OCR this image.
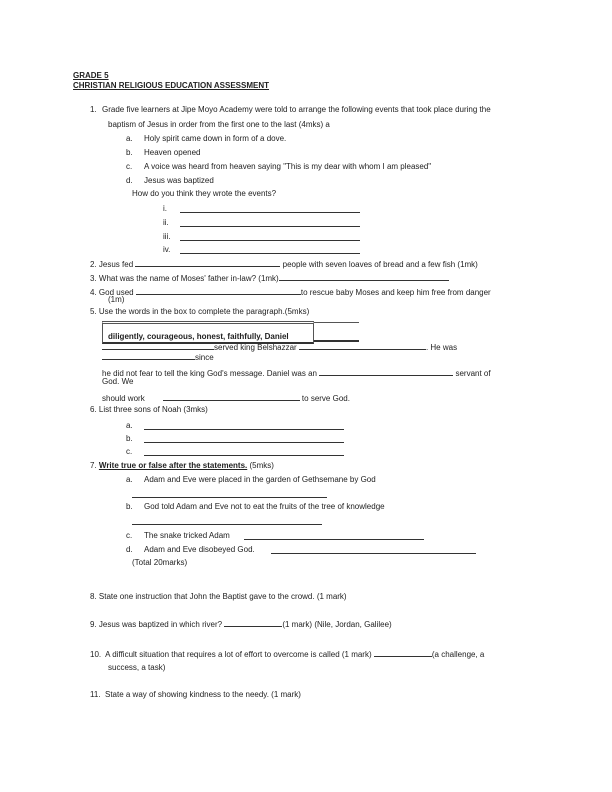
GRADE 5
CHRISTIAN RELIGIOUS EDUCATION ASSESSMENT
1. Grade five learners at Jipe Moyo Academy were told to arrange the following events that took place during the
baptism of Jesus in order from the first one to the last (4mks) a
a. Holy spirit came down in form of a dove.
b. Heaven opened
c. A voice was heard from heaven saying "This is my dear with whom I am pleased"
d. Jesus was baptized
How do you think they wrote the events?
i.
ii.
iii.
iv.
2. Jesus fed	people with seven loaves of bread and a few fish (1mk)
3. What was the name of Moses' father in-law? (1mk)
4. God used	to rescue baby Moses and keep him free from danger
(1m)
5. Use the words in the box to complete the paragraph.(5mks)
diligently, courageous, honest, faithfully, Daniel
served king Belshazzar	. He was
since
he did not fear to tell the king God's message. Daniel was an	servant of
God. We
should work	to serve God.
6. List three sons of Noah (3mks)
a.
b.
c.
7. Write true or false after the statements. (5mks)
a. Adam and Eve were placed in the garden of Gethsemane by God
b. God told Adam and Eve not to eat the fruits of the tree of knowledge
c. The snake tricked Adam
d. Adam and Eve disobeyed God.
(Total 20marks)
8. State one instruction that John the Baptist gave to the crowd. (1 mark)
9. Jesus was baptized in which river?	(1 mark) (Nile, Jordan, Galilee)
10. A difficult situation that requires a lot of effort to overcome is called (1 mark)	(a challenge, a
success, a task)
11. State a way of showing kindness to the needy. (1 mark)
